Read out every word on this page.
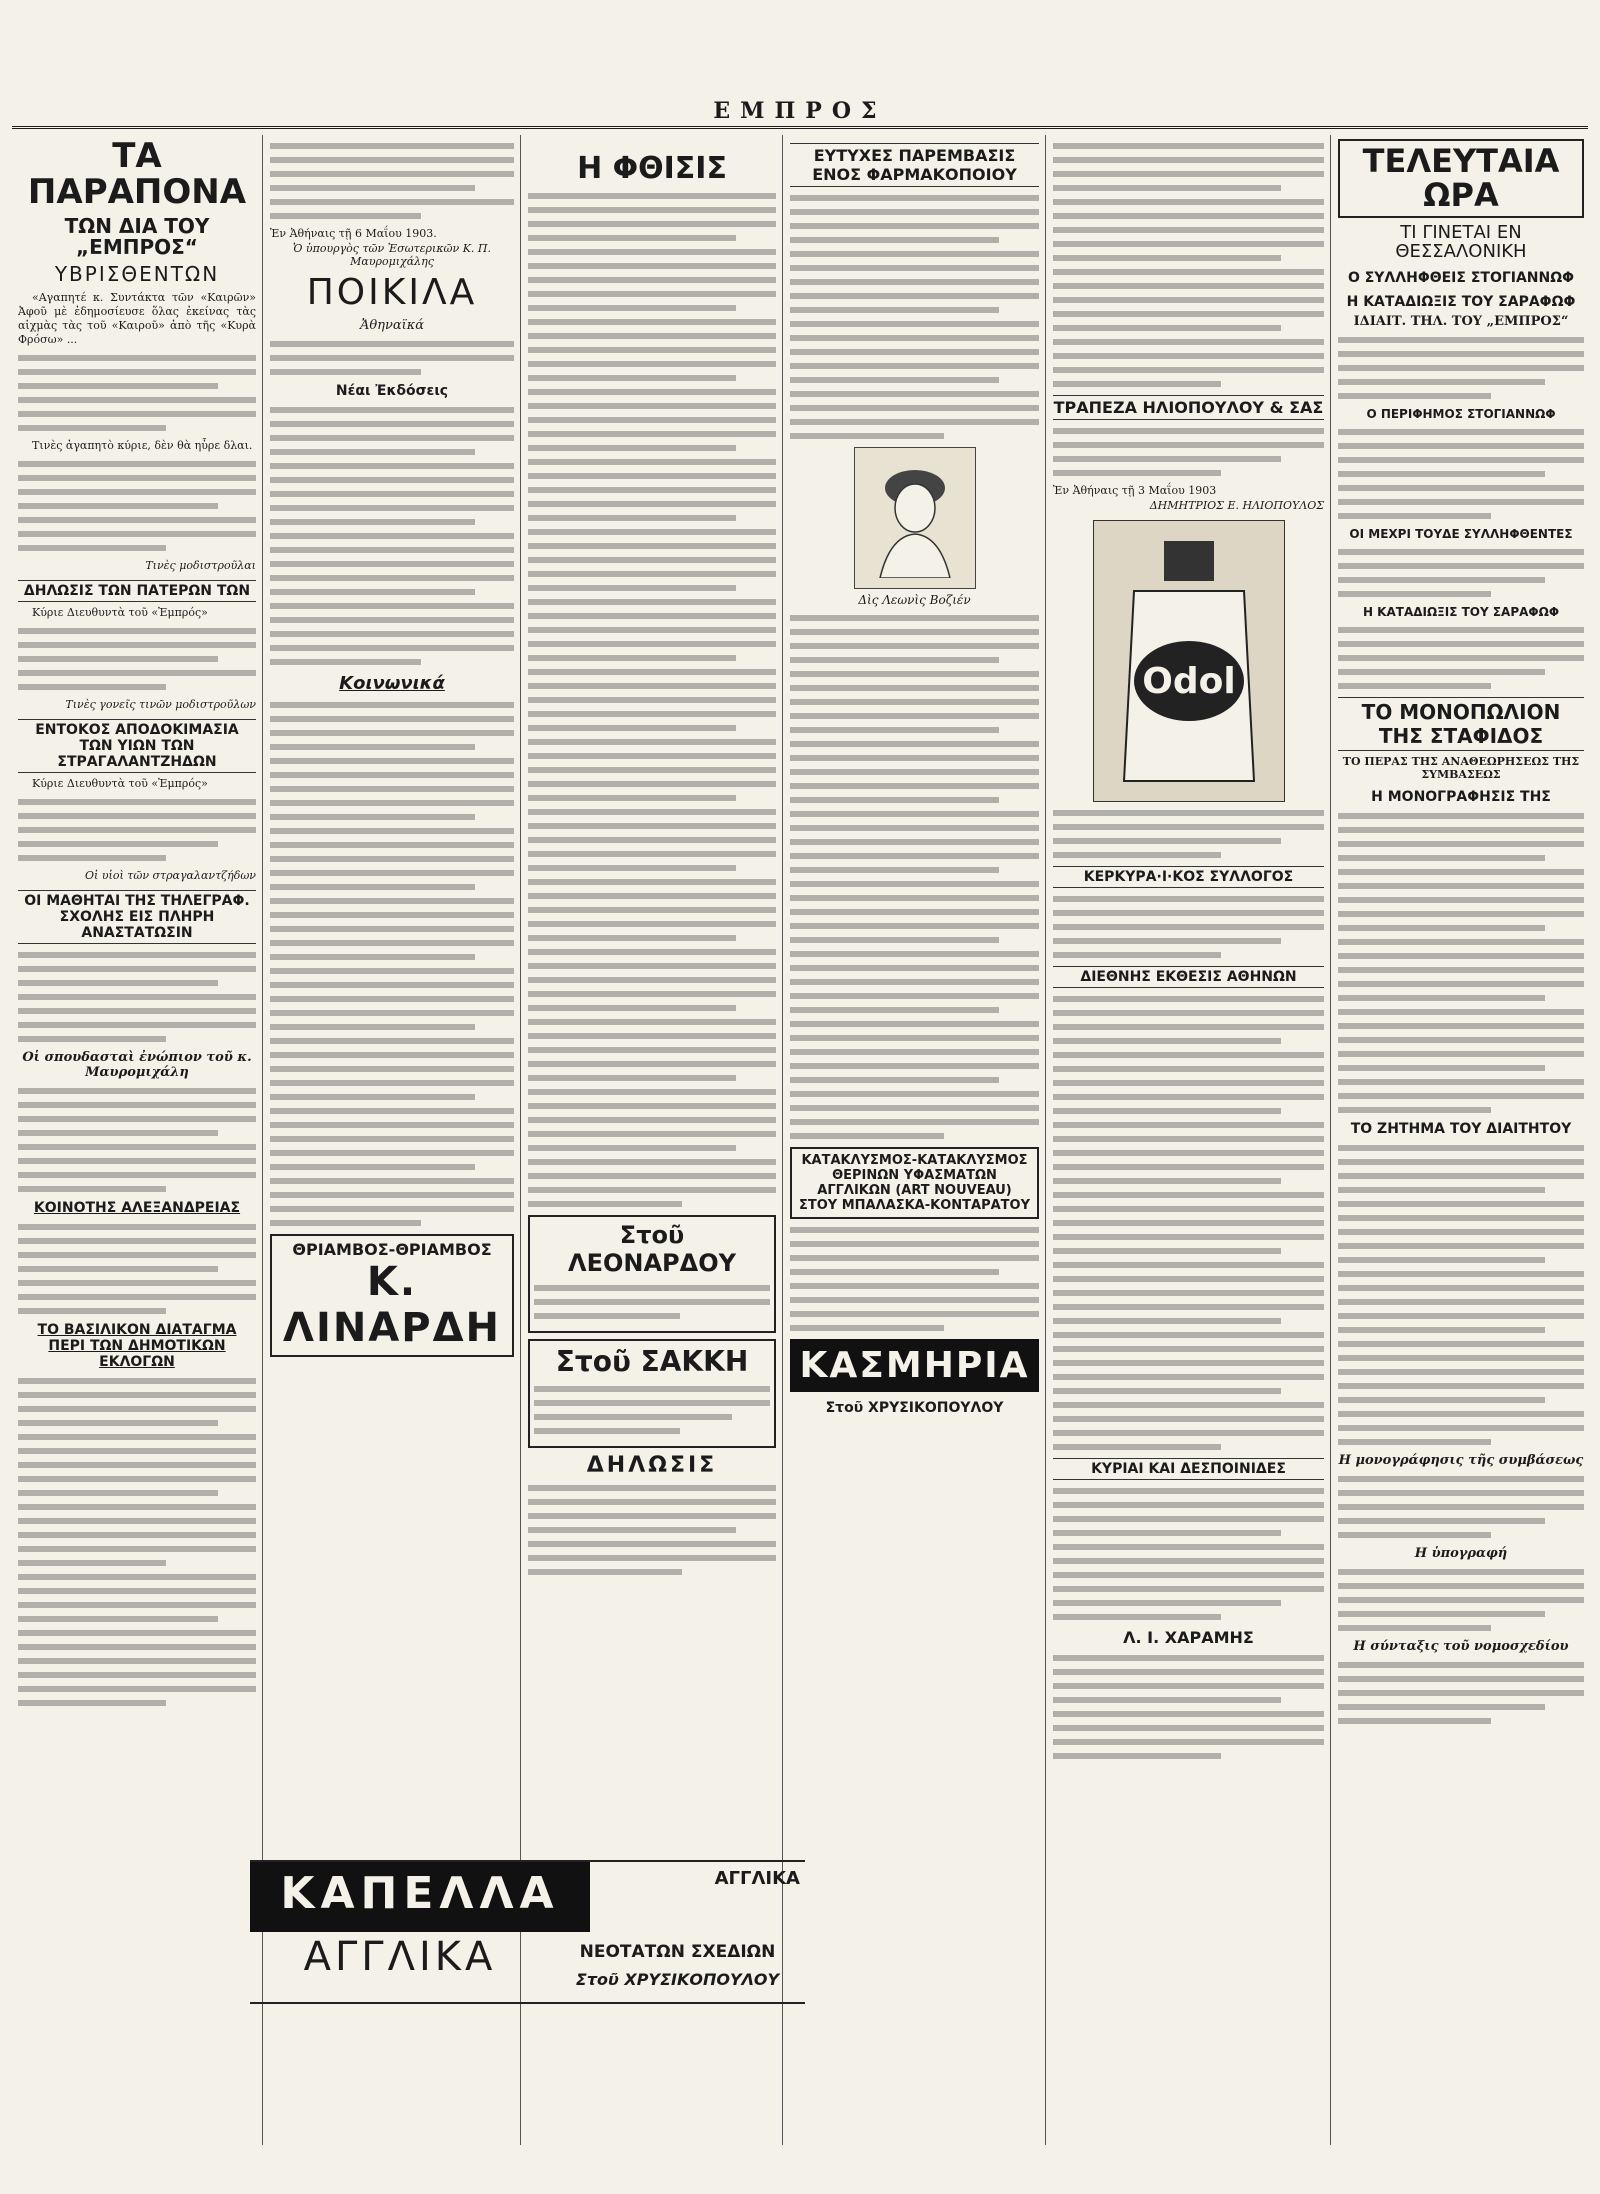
ΕΜΠΡΟΣ
ΤΑ ΠΑΡΑΠΟΝΑ
ΤΩΝ ΔΙΑ ΤΟΥ „ΕΜΠΡΟΣ“
ΥΒΡΙΣΘΕΝΤΩΝ

«Αγαπητέ κ. Συντάκτα τῶν «Καιρῶν» Ἀφοῦ μὲ ἐδημοσίευσε ὅλας ἐκείνας τὰς αἰχμὰς τὰς τοῦ «Καιροῦ» ἀπὸ τῆς «Κυρὰ Φρόσω» ...

Τινὲς ἀγαπητὸ κύριε, δὲν θὰ ηὗρε δλαι.

Τινὲς μοδιστροῦλαι
ΔΗΛΩΣΙΣ ΤΩΝ ΠΑΤΕΡΩΝ ΤΩΝ

Κύριε Διευθυντὰ τοῦ «Ἐμπρός»

Τινὲς γονεῖς τινῶν μοδιστροῦλων
ΕΝΤΟΚΟΣ ΑΠΟΔΟΚΙΜΑΣΙΑ ΤΩΝ ΥΙΩΝ ΤΩΝ ΣΤΡΑΓΑΛΑΝΤΖΗΔΩΝ

Κύριε Διευθυντὰ τοῦ «Ἐμπρός»

Οἱ υἱοὶ τῶν στραγαλαντζήδων
ΟΙ ΜΑΘΗΤΑΙ ΤΗΣ ΤΗΛΕΓΡΑΦ. ΣΧΟΛΗΣ ΕΙΣ ΠΛΗΡΗ ΑΝΑΣΤΑΤΩΣΙΝ
Οἱ σπουδασταὶ ἐνώπιον τοῦ κ. Μαυρομιχάλη
ΚΟΙΝΟΤΗΣ ΑΛΕΞΑΝΔΡΕΙΑΣ
ΤΟ ΒΑΣΙΛΙΚΟΝ ΔΙΑΤΑΓΜΑ ΠΕΡΙ ΤΩΝ ΔΗΜΟΤΙΚΩΝ ΕΚΛΟΓΩΝ
Ἐν Ἀθήναις τῇ 6 Μαΐου 1903.
Ὁ ὑπουργὸς τῶν Ἐσωτερικῶν Κ. Π. Μαυρομιχάλης
ΠΟΙΚΙΛΑ
Ἀθηναϊκά
Νέαι Ἐκδόσεις
Κοινωνικά
ΘΡΙΑΜΒΟΣ-ΘΡΙΑΜΒΟΣ
Κ. ΛΙΝΑΡΔΗ
Η ΦΘΙΣΙΣ
Στοῦ ΛΕΟΝΑΡΔΟΥ
Στοῦ ΣΑΚΚΗ
ΔΗΛΩΣΙΣ
ΕΥΤΥΧΕΣ ΠΑΡΕΜΒΑΣΙΣ ΕΝΟΣ ΦΑΡΜΑΚΟΠΟΙΟΥ
Δὶς Λεωνὶς Βοζιέν
ΚΑΤΑΚΛΥΣΜΟΣ-ΚΑΤΑΚΛΥΣΜΟΣ ΘΕΡΙΝΩΝ ΥΦΑΣΜΑΤΩΝ ΑΓΓΛΙΚΩΝ (ART NOUVEAU) ΣΤΟΥ ΜΠΑΛΑΣΚΑ-ΚΟΝΤΑΡΑΤΟΥ
ΚΑΣΜΗΡΙΑ
Στοῦ ΧΡΥΣΙΚΟΠΟΥΛΟΥ
ΤΡΑΠΕΖΑ ΗΛΙΟΠΟΥΛΟΥ & ΣΑΣ
Ἐν Ἀθήναις τῇ 3 Μαΐου 1903
ΔΗΜΗΤΡΙΟΣ Ε. ΗΛΙΟΠΟΥΛΟΣ
Odol
ΚΕΡΚΥΡΑ·Ι·ΚΟΣ ΣΥΛΛΟΓΟΣ
ΔΙΕΘΝΗΣ ΕΚΘΕΣΙΣ ΑΘΗΝΩΝ
ΚΥΡΙΑΙ ΚΑΙ ΔΕΣΠΟΙΝΙΔΕΣ
Λ. Ι. ΧΑΡΑΜΗΣ
ΤΕΛΕΥΤΑΙΑ ΩΡΑ
ΤΙ ΓΙΝΕΤΑΙ ΕΝ ΘΕΣΣΑΛΟΝΙΚΗ
Ο ΣΥΛΛΗΦΘΕΙΣ ΣΤΟΓΙΑΝΝΩΦ
Η ΚΑΤΑΔΙΩΞΙΣ ΤΟΥ ΣΑΡΑΦΩΦ
ΙΔΙΑΙΤ. ΤΗΛ. ΤΟΥ „ΕΜΠΡΟΣ“
Ο ΠΕΡΙΦΗΜΟΣ ΣΤΟΓΙΑΝΝΩΦ
ΟΙ ΜΕΧΡΙ ΤΟΥΔΕ ΣΥΛΛΗΦΘΕΝΤΕΣ
Η ΚΑΤΑΔΙΩΞΙΣ ΤΟΥ ΣΑΡΑΦΩΦ
ΤΟ ΜΟΝΟΠΩΛΙΟΝ ΤΗΣ ΣΤΑΦΙΔΟΣ
ΤΟ ΠΕΡΑΣ ΤΗΣ ΑΝΑΘΕΩΡΗΣΕΩΣ ΤΗΣ ΣΥΜΒΑΣΕΩΣ
Η ΜΟΝΟΓΡΑΦΗΣΙΣ ΤΗΣ
ΤΟ ΖΗΤΗΜΑ ΤΟΥ ΔΙΑΙΤΗΤΟΥ
Η μονογράφησις τῆς συμβάσεως
Η ὑπογραφή
Η σύνταξις τοῦ νομοσχεδίου
ΚΑΠΕΛΛΑ
ΑΓΓΛΙΚΑ	ΝΕΟΤΑΤΩΝ ΣΧΕΔΙΩΝ
Στοῦ ΧΡΥΣΙΚΟΠΟΥΛΟΥ
ΑΓΓΛΙΚΑ
